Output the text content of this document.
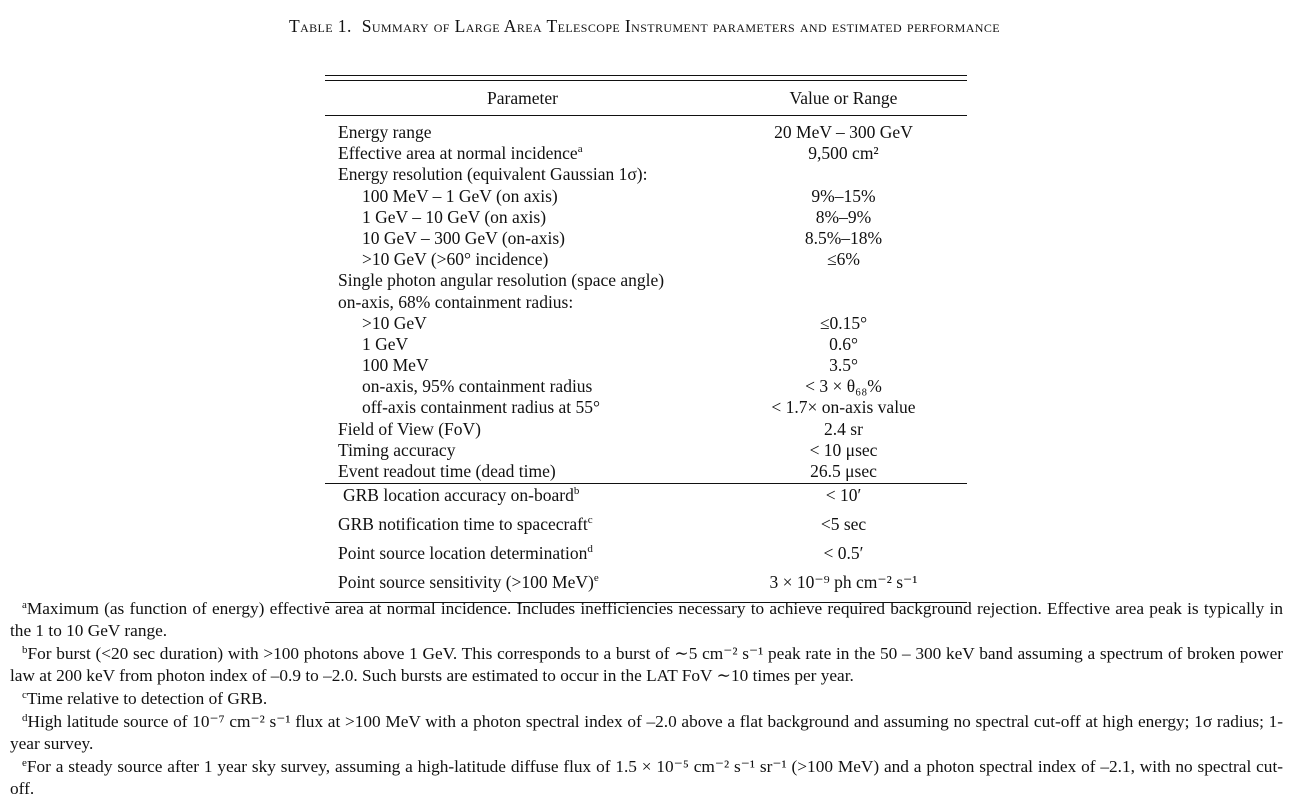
Table 1. Summary of Large Area Telescope Instrument parameters and estimated performance
Parameter	Value or Range
Energy range	20 MeV – 300 GeV
Effective area at normal incidence$^a$	9,500 cm²
Energy resolution (equivalent Gaussian 1σ):
100 MeV – 1 GeV (on axis)	9%–15%
1 GeV – 10 GeV (on axis)	8%–9%
10 GeV – 300 GeV (on-axis)	8.5%–18%
>10 GeV (>60° incidence)	≤6%
Single photon angular resolution (space angle)
on-axis, 68% containment radius:
>10 GeV	≤0.15°
1 GeV	0.6°
100 MeV	3.5°
on-axis, 95% containment radius	< 3 × θ₆₈%
off-axis containment radius at 55°	< 1.7× on-axis value
Field of View (FoV)	2.4 sr
Timing accuracy	< 10 μsec
Event readout time (dead time)	26.5 μsec
GRB location accuracy on-board$^b$	< 10′
GRB notification time to spacecraft$^c$	<5 sec
Point source location determination$^d$	< 0.5′
Point source sensitivity (>100 MeV)$^e$	3 × 10⁻⁹ ph cm⁻² s⁻¹
$^a$Maximum (as function of energy) effective area at normal incidence. Includes inefficiencies necessary to achieve required background rejection. Effective area peak is typically in the 1 to 10 GeV range.
$^b$For burst (<20 sec duration) with >100 photons above 1 GeV. This corresponds to a burst of ∼5 cm⁻² s⁻¹ peak rate in the 50 – 300 keV band assuming a spectrum of broken power law at 200 keV from photon index of –0.9 to –2.0. Such bursts are estimated to occur in the LAT FoV ∼10 times per year.
$^c$Time relative to detection of GRB.
$^d$High latitude source of 10⁻⁷ cm⁻² s⁻¹ flux at >100 MeV with a photon spectral index of –2.0 above a flat background and assuming no spectral cut-off at high energy; 1σ radius; 1-year survey.
$^e$For a steady source after 1 year sky survey, assuming a high-latitude diffuse flux of 1.5 × 10⁻⁵ cm⁻² s⁻¹ sr⁻¹ (>100 MeV) and a photon spectral index of –2.1, with no spectral cut-off.
